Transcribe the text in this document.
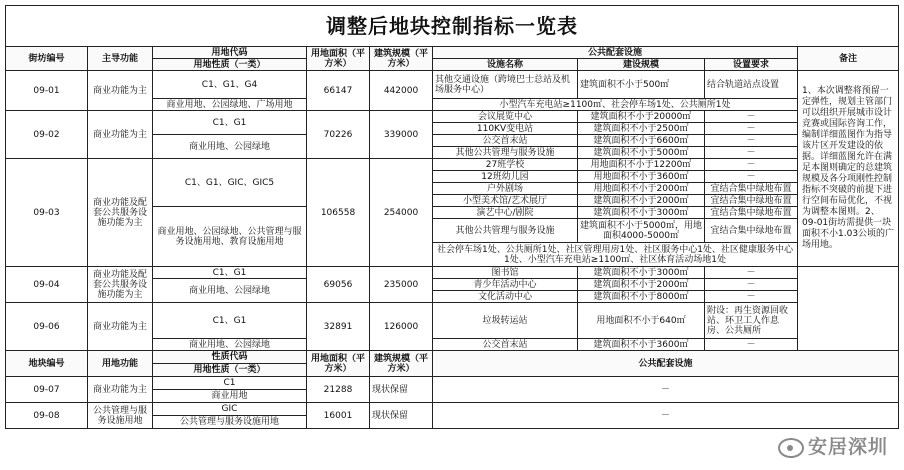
调整后地块控制指标一览表								
街坊编号	主导功能	用地代码	用地面积（平方米）	建筑规模（平方米）	公共配套设施			备注
		用地性质（一类）			设施名称	建设规模	设置要求	
09-01	商业功能为主	C1、G1、G4	66147	442000	其他交通设施（跨境巴士总站及机场服务中心）	建筑面积不小于500㎡	结合轨道站点设置	1、本次调整将预留一定弹性，规划主管部门可以组织开展城市设计竞赛或国际咨询工作，编制详细蓝图作为指导该片区开发建设的依据。详细蓝图允许在满足本图则确定的总建筑规模及各分项刚性控制指标不突破的前提下进行空间布局优化，不视为调整本图则。2、09-01街坊需提供一块面积不小1.03公顷的广场用地。
		商业用地、公园绿地、广场用地			小型汽车充电站≥1100㎡、社会停车场1处、公共厕所1处			
09-02	商业功能为主	C1、G1	70226	339000	会议展览中心	建筑面积不小于20000㎡	－	
					110KV变电站	建筑面积不小于2500㎡	－	
		商业用地、公园绿地			公交首末站	建筑面积不小于6600㎡	－	
					其他公共管理与服务设施	建筑面积不小于5000㎡	－	
09-03	商业功能及配套公共服务设施功能为主	C1、G1、GIC、GIC5	106558	254000	27班学校	用地面积不小于12200㎡	－	
					12班幼儿园	用地面积不小于3600㎡	－	
					户外剧场	用地面积不小于2000㎡	宜结合集中绿地布置	
					小型美术馆/艺术展厅	建筑面积不小于2000㎡	宜结合集中绿地布置	
		商业用地、公园绿地、公共管理与服务设施用地、教育设施用地			演艺中心/剧院	建筑面积不小于3000㎡	宜结合集中绿地布置	
					其他公共管理与服务设施	建筑面积不小于5000㎡，用地面积4000-5000㎡	宜结合集中绿地布置	
					社会停车场1处、公共厕所1处、社区管理用房1处、社区服务中心1处、社区健康服务中心1处、小型汽车充电站≥1100㎡、社区体育活动场地1处			
09-04	商业功能及配套公共服务设施功能为主	C1、G1	69056	235000	图书馆	建筑面积不小于3000㎡	－	
		商业用地、公园绿地			青少年活动中心	建筑面积不小于2000㎡	－	
					文化活动中心	建筑面积不小于8000㎡	－	
09-06	商业功能为主	C1、G1	32891	126000	垃圾转运站	用地面积不小于640㎡	附设：再生资源回收站、环卫工人作息房、公共厕所	
		商业用地、公园绿地			公交首末站	建筑面积不小于3600㎡	－	
地块编号	用地功能	性质代码	用地面积（平方米）	建筑规模（平方米）	公共配套设施			
		用地性质（一类）						
09-07	商业功能为主	C1	21288	现状保留	－			
		商业用地						
09-08	公共管理与服务设施用地	GIC	16001	现状保留	－			
		公共管理与服务设施用地						
安居深圳
